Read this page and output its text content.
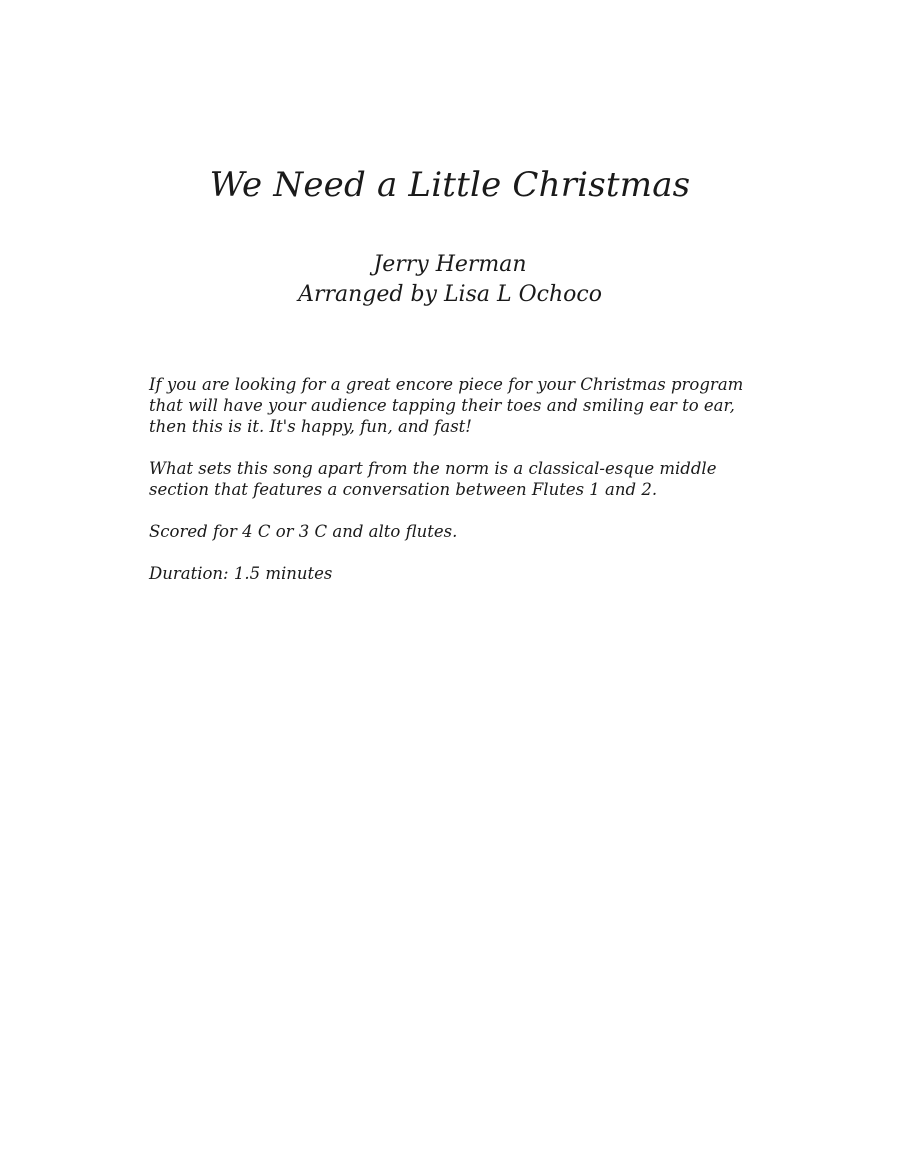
We Need a Little Christmas
Jerry Herman
Arranged by Lisa L Ochoco

If you are looking for a great encore piece for your Christmas program that will have your audience tapping their toes and smiling ear to ear, then this is it. It's happy, fun, and fast!

What sets this song apart from the norm is a classical-esque middle section that features a conversation between Flutes 1 and 2.

Scored for 4 C or 3 C and alto flutes.

Duration: 1.5 minutes
